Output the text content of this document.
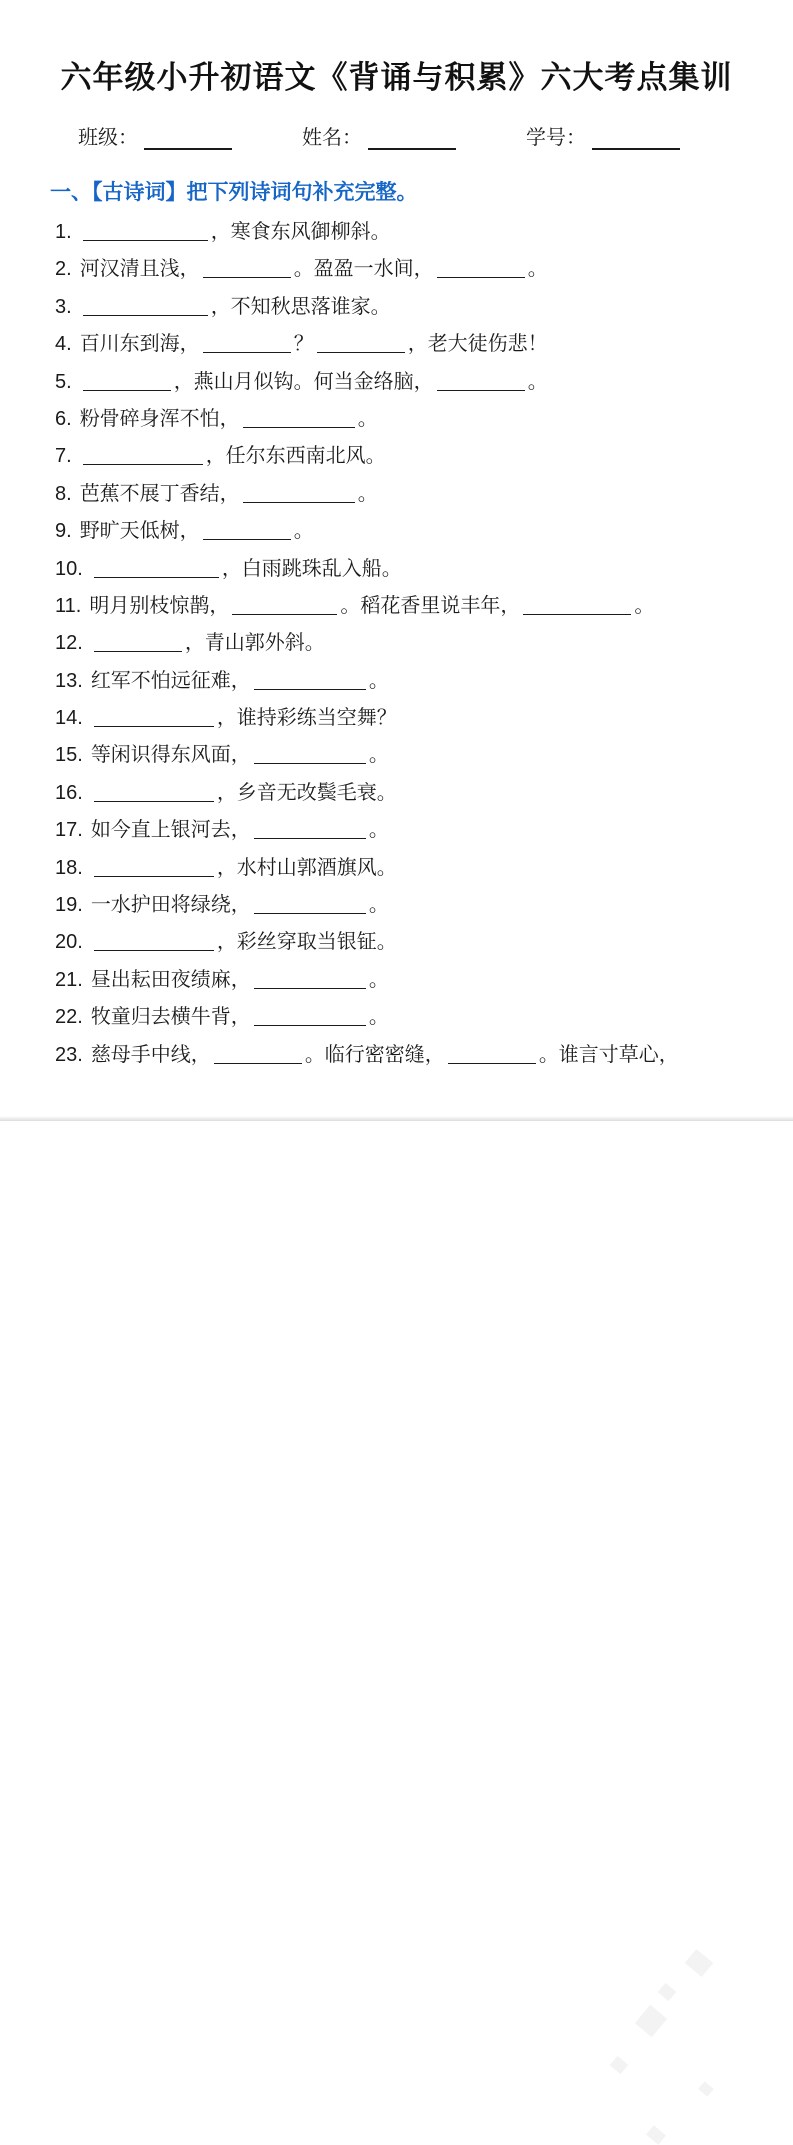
六年级小升初语文《背诵与积累》六大考点集训
班级：	姓名：	学号：
一、【古诗词】把下列诗词句补充完整。
1.	，寒食东风御柳斜。
2. 河汉清且浅，	。盈盈一水间，	。
3.	，不知秋思落谁家。
4. 百川东到海，	？	，老大徒伤悲！
5.	，燕山月似钩。何当金络脑，	。
6. 粉骨碎身浑不怕，	。
7.	，任尔东西南北风。
8. 芭蕉不展丁香结，	。
9. 野旷天低树，	。
10.	，白雨跳珠乱入船。
11. 明月别枝惊鹊，	。稻花香里说丰年，	。
12.	，青山郭外斜。
13. 红军不怕远征难，	。
14.	，谁持彩练当空舞？
15. 等闲识得东风面，	。
16.	，乡音无改鬓毛衰。
17. 如今直上银河去，	。
18.	，水村山郭酒旗风。
19. 一水护田将绿绕，	。
20.	，彩丝穿取当银钲。
21. 昼出耘田夜绩麻，	。
22. 牧童归去横牛背，	。
23. 慈母手中线，	。临行密密缝，	。谁言寸草心，
